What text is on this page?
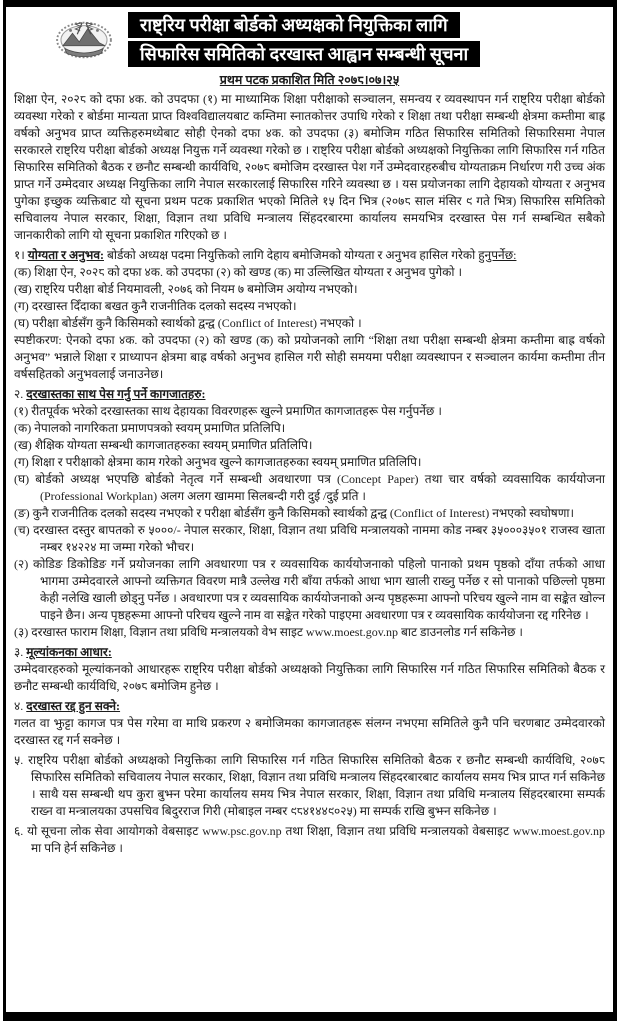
राष्ट्रिय परीक्षा बोर्डको अध्यक्षको नियुक्तिका लागि
सिफारिस समितिको दरखास्त आह्वान सम्बन्धी सूचना
प्रथम पटक प्रकाशित मिति २०७८।०७।२५

शिक्षा ऐन, २०२८ को दफा ४क. को उपदफा (१) मा माध्यामिक शिक्षा परीक्षाको सञ्चालन, समन्वय र व्यवस्थापन गर्न राष्ट्रिय परीक्षा बोर्डको व्यवस्था गरेको र बोर्डमा मान्यता प्राप्त विश्वविद्यालयबाट कम्तिमा स्नातकोत्तर उपाधि गरेको र शिक्षा तथा परीक्षा सम्बन्धी क्षेत्रमा कम्तीमा बाह्र वर्षको अनुभव प्राप्त व्यक्तिहरुमध्येबाट सोही ऐनको दफा ४क. को उपदफा (३) बमोजिम गठित सिफारिस समितिको सिफारिसमा नेपाल सरकारले राष्ट्रिय परीक्षा बोर्डको अध्यक्ष नियुक्त गर्ने व्यवस्था गरेको छ । राष्ट्रिय परीक्षा बोर्डको अध्यक्षको नियुक्तिका लागि सिफारिस गर्न गठित सिफारिस समितिको बैठक र छनौट सम्बन्धी कार्यविधि, २०७८ बमोजिम दरखास्त पेश गर्ने उम्मेदवारहरुबीच योग्यताक्रम निर्धारण गरी उच्च अंक प्राप्त गर्ने उम्मेदवार अध्यक्ष नियुक्तिका लागि नेपाल सरकारलाई सिफारिस गरिने व्यवस्था छ । यस प्रयोजनका लागि देहायको योग्यता र अनुभव पुगेका इच्छुक व्यक्तिबाट यो सूचना प्रथम पटक प्रकाशित भएको मितिले १५ दिन भित्र (२०७८ साल मंसिर ९ गते भित्र) सिफारिस समितिको सचिवालय नेपाल सरकार, शिक्षा, विज्ञान तथा प्रविधि मन्त्रालय सिंहदरबारमा कार्यालय समयभित्र दरखास्त पेस गर्न सम्बन्धित सबैको जानकारीको लागि यो सूचना प्रकाशित गरिएको छ ।

१। योग्यता र अनुभव: बोर्डको अध्यक्ष पदमा नियुक्तिको लागि देहाय बमोजिमको योग्यता र अनुभव हासिल गरेको हुनुपर्नेछ:

(क) शिक्षा ऐन, २०२८ को दफा ४क. को उपदफा (२) को खण्ड (क) मा उल्लिखित योग्यता र अनुभव पुगेको ।

(ख) राष्ट्रिय परीक्षा बोर्ड नियमावली, २०७६ को नियम ७ बमोजिम अयोग्य नभएको।

(ग) दरखास्त दिँदाका बखत कुनै राजनीतिक दलको सदस्य नभएको।

(घ) परीक्षा बोर्डसँग कुनै किसिमको स्वार्थको द्वन्द्व (Conflict of Interest) नभएको ।

स्पष्टीकरण: ऐनको दफा ४क. को उपदफा (२) को खण्ड (क) को प्रयोजनको लागि “शिक्षा तथा परीक्षा सम्बन्धी क्षेत्रमा कम्तीमा बाह्र वर्षको अनुभव” भन्नाले शिक्षा र प्राध्यापन क्षेत्रमा बाह्र वर्षको अनुभव हासिल गरी सोही समयमा परीक्षा व्यवस्थापन र सञ्चालन कार्यमा कम्तीमा तीन वर्षसहितको अनुभवलाई जनाउनेछ।

२. दरखास्तका साथ पेस गर्नु पर्ने कागजातहरु:

(१) रीतपूर्वक भरेको दरखास्तका साथ देहायका विवरणहरू खुल्ने प्रमाणित कागजातहरू पेस गर्नुपर्नेछ ।

(क) नेपालको नागरिकता प्रमाणपत्रको स्वयम् प्रमाणित प्रतिलिपि।

(ख) शैक्षिक योग्यता सम्बन्धी कागजातहरुका स्वयम् प्रमाणित प्रतिलिपि।

(ग) शिक्षा र परीक्षाको क्षेत्रमा काम गरेको अनुभव खुल्ने कागजातहरुका स्वयम् प्रमाणित प्रतिलिपि।

(घ) बोर्डको अध्यक्ष भएपछि बोर्डको नेतृत्व गर्ने सम्बन्धी अवधारणा पत्र (Concept Paper) तथा चार वर्षको व्यवसायिक कार्ययोजना (Professional Workplan) अलग अलग खाममा सिलबन्दी गरी दुई /दुई प्रति ।

(ङ) कुनै राजनीतिक दलको सदस्य नभएको र परीक्षा बोर्डसँग कुनै किसिमको स्वार्थको द्वन्द्व (Conflict of Interest) नभएको स्वघोषणा।

(च) दरखास्त दस्तुर बापतको रु ५०००/- नेपाल सरकार, शिक्षा, विज्ञान तथा प्रविधि मन्त्रालयको नाममा कोड नम्बर ३५०००३५०१ राजस्व खाता नम्बर १४२२४ मा जम्मा गरेको भौचर।

(२) कोडिङ डिकोडिङ गर्ने प्रयोजनका लागि अवधारणा पत्र र व्यवसायिक कार्ययोजनाको पहिलो पानाको प्रथम पृष्ठको दाँया तर्फको आधा भागमा उम्मेदवारले आफ्नो व्यक्तिगत विवरण मात्रै उल्लेख गरी बाँया तर्फको आधा भाग खाली राख्नु पर्नेछ र सो पानाको पछिल्लो पृष्ठमा केही नलेखि खाली छोड्नु पर्नेछ । अवधारणा पत्र र व्यवसायिक कार्ययोजनाको अन्य पृष्ठहरूमा आफ्नो परिचय खुल्ने नाम वा सङ्केत खोल्न पाइने छैन। अन्य पृष्ठहरूमा आफ्नो परिचय खुल्ने नाम वा सङ्केत गरेको पाइएमा अवधारणा पत्र र व्यवसायिक कार्ययोजना रद्द गरिनेछ ।

(३) दरखास्त फाराम शिक्षा, विज्ञान तथा प्रविधि मन्त्रालयको वेभ साइट www.moest.gov.np बाट डाउनलोड गर्न सकिनेछ ।

३. मूल्यांकनका आधार:

उम्मेदवारहरुको मूल्यांकनको आधारहरू राष्ट्रिय परीक्षा बोर्डको अध्यक्षको नियुक्तिका लागि सिफारिस गर्न गठित सिफारिस समितिको बैठक र छनौट सम्बन्धी कार्यविधि, २०७८ बमोजिम हुनेछ ।

४. दरखास्त रद्द हुन सक्ने:

गलत वा झुट्टा कागज पत्र पेस गरेमा वा माथि प्रकरण २ बमोजिमका कागजातहरू संलग्न नभएमा समितिले कुनै पनि चरणबाट उम्मेदवारको दरखास्त रद्द गर्न सक्नेछ ।

५. राष्ट्रिय परीक्षा बोर्डको अध्यक्षको नियुक्तिका लागि सिफारिस गर्न गठित सिफारिस समितिको बैठक र छनौट सम्बन्धी कार्यविधि, २०७८ सिफारिस समितिको सचिवालय नेपाल सरकार, शिक्षा, विज्ञान तथा प्रविधि मन्त्रालय सिंहदरबारबाट कार्यालय समय भित्र प्राप्त गर्न सकिनेछ । साथै यस सम्बन्धी थप कुरा बुझ्न परेमा कार्यालय समय भित्र नेपाल सरकार, शिक्षा, विज्ञान तथा प्रविधि मन्त्रालय सिंहदरबारमा सम्पर्क राख्न वा मन्त्रालयका उपसचिव बिदुरराज गिरी (मोबाइल नम्बर ९८४१४४९०२५) मा सम्पर्क राखि बुझ्न सकिनेछ ।

६. यो सूचना लोक सेवा आयोगको वेबसाइट www.psc.gov.np तथा शिक्षा, विज्ञान तथा प्रविधि मन्त्रालयको वेबसाइट www.moest.gov.np मा पनि हेर्न सकिनेछ ।
